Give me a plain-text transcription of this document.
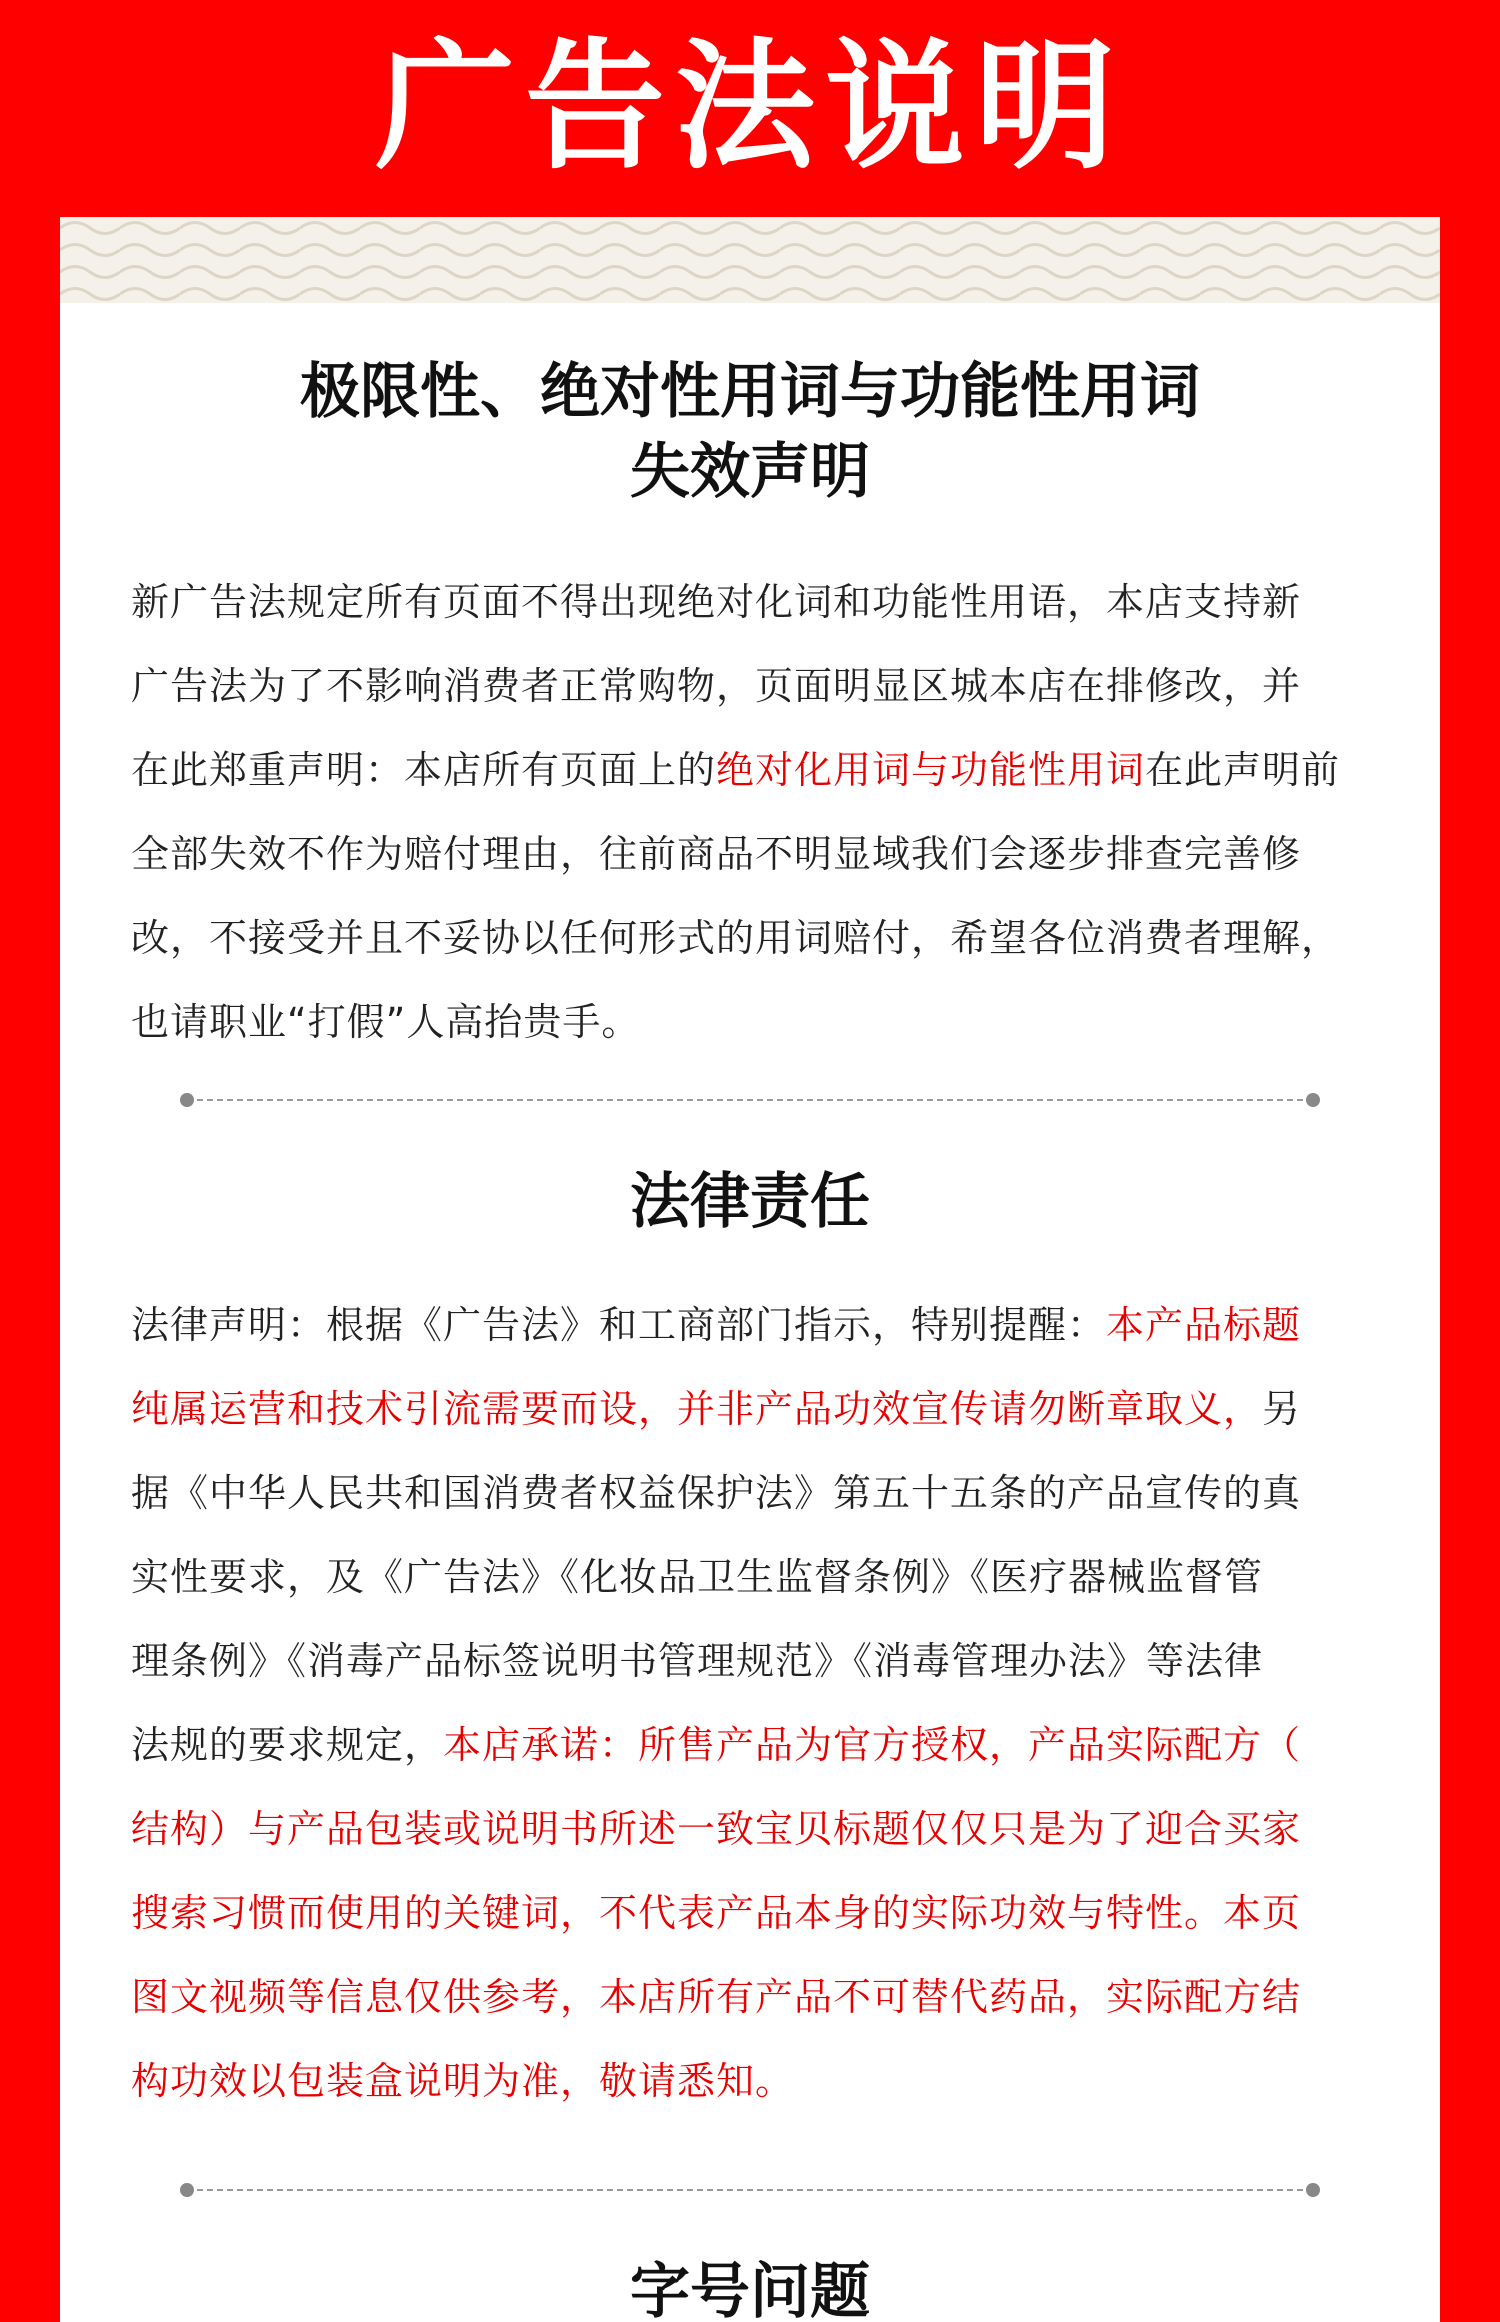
广告法说明
极限性、绝对性用词与功能性用词
失效声明
新广告法规定所有页面不得出现绝对化词和功能性用语，本店支持新
广告法为了不影响消费者正常购物，页面明显区城本店在排修改，并
在此郑重声明：本店所有页面上的绝对化用词与功能性用词在此声明前
全部失效不作为赔付理由，往前商品不明显域我们会逐步排查完善修
改，不接受并且不妥协以任何形式的用词赔付，希望各位消费者理解，
也请职业“打假”人高抬贵手。
法律责任
法律声明：根据《广告法》和工商部门指示，特别提醒：本产品标题
纯属运营和技术引流需要而设，并非产品功效宣传请勿断章取义，另
据《中华人民共和国消费者权益保护法》第五十五条的产品宣传的真
实性要求，及《广告法》《化妆品卫生监督条例》《医疗器械监督管
理条例》《消毒产品标签说明书管理规范》《消毒管理办法》等法律
法规的要求规定，本店承诺：所售产品为官方授权，产品实际配方（
结构）与产品包装或说明书所述一致宝贝标题仅仅只是为了迎合买家
搜索习惯而使用的关键词，不代表产品本身的实际功效与特性。本页
图文视频等信息仅供参考，本店所有产品不可替代药品，实际配方结
构功效以包装盒说明为准，敬请悉知。
字号问题
